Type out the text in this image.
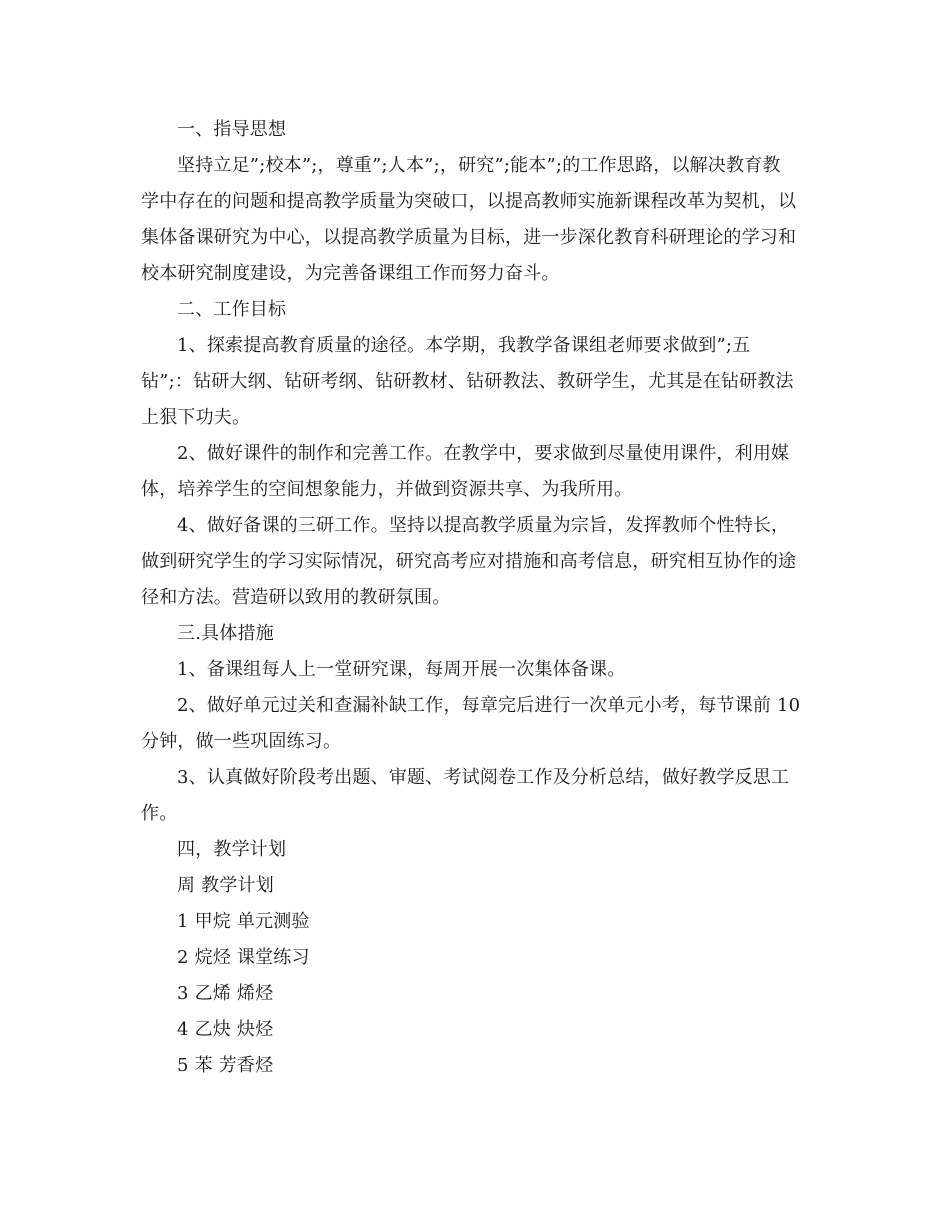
一、指导思想

坚持立足”;校本”;，尊重”;人本”;，研究”;能本”;的工作思路，以解决教育教
学中存在的问题和提高教学质量为突破口，以提高教师实施新课程改革为契机，以
集体备课研究为中心，以提高教学质量为目标，进一步深化教育科研理论的学习和
校本研究制度建设，为完善备课组工作而努力奋斗。

二、工作目标

1、探索提高教育质量的途径。本学期，我教学备课组老师要求做到”;五
钻”;：钻研大纲、钻研考纲、钻研教材、钻研教法、教研学生，尤其是在钻研教法
上狠下功夫。

2、做好课件的制作和完善工作。在教学中，要求做到尽量使用课件，利用媒
体，培养学生的空间想象能力，并做到资源共享、为我所用。

4、做好备课的三研工作。坚持以提高教学质量为宗旨，发挥教师个性特长，
做到研究学生的学习实际情况，研究高考应对措施和高考信息，研究相互协作的途
径和方法。营造研以致用的教研氛围。

三.具体措施

1、备课组每人上一堂研究课，每周开展一次集体备课。

2、做好单元过关和查漏补缺工作，每章完后进行一次单元小考，每节课前 10
分钟，做一些巩固练习。

3、认真做好阶段考出题、审题、考试阅卷工作及分析总结，做好教学反思工
作。

四，教学计划

周 教学计划

1 甲烷 单元测验

2 烷烃 课堂练习

3 乙烯 烯烃

4 乙炔 炔烃

5 苯 芳香烃
